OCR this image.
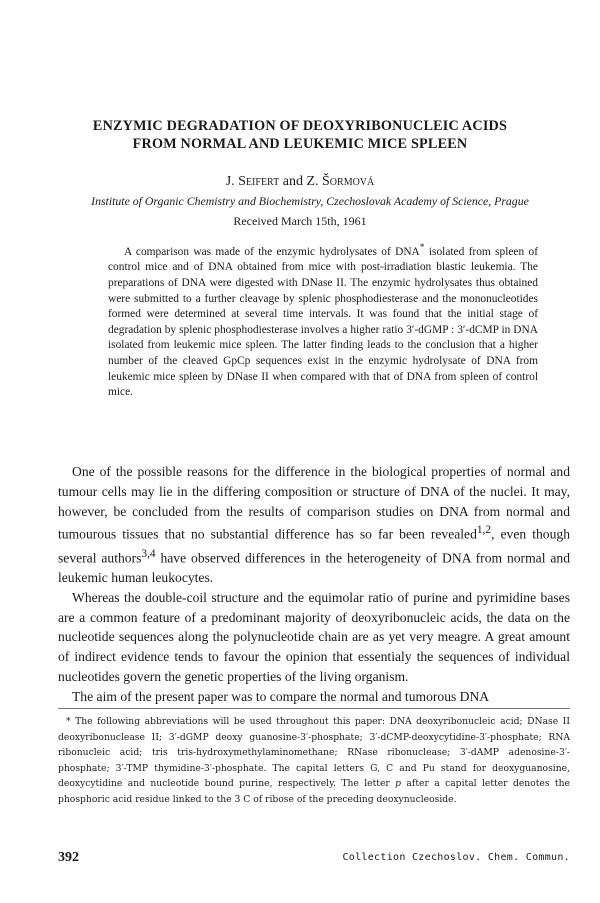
ENZYMIC DEGRADATION OF DEOXYRIBONUCLEIC ACIDS
FROM NORMAL AND LEUKEMIC MICE SPLEEN

J. Seifert and Z. Šormová

Institute of Organic Chemistry and Biochemistry, Czechoslovak Academy of Science, Prague

Received March 15th, 1961

A comparison was made of the enzymic hydrolysates of DNA* isolated from spleen of control mice and of DNA obtained from mice with post-irradiation blastic leukemia. The preparations of DNA were digested with DNase II. The enzymic hydrolysates thus obtained were submitted to a further cleavage by splenic phosphodiesterase and the mononucleotides formed were determined at several time intervals. It was found that the initial stage of degradation by splenic phosphodiesterase involves a higher ratio 3′-dGMP : 3′-dCMP in DNA isolated from leukemic mice spleen. The latter finding leads to the conclusion that a higher number of the cleaved GpCp sequences exist in the enzymic hydrolysate of DNA from leukemic mice spleen by DNase II when compared with that of DNA from spleen of control mice.

One of the possible reasons for the difference in the biological properties of normal and tumour cells may lie in the differing composition or structure of DNA of the nuclei. It may, however, be concluded from the results of comparison studies on DNA from normal and tumourous tissues that no substantial difference has so far been revealed$^{1,2}$, even though several authors$^{3,4}$ have observed differences in the heterogeneity of DNA from normal and leukemic human leukocytes.

Whereas the double-coil structure and the equimolar ratio of purine and pyrimidine bases are a common feature of a predominant majority of deoxyribonucleic acids, the data on the nucleotide sequences along the polynucleotide chain are as yet very meagre. A great amount of indirect evidence tends to favour the opinion that essentialy the sequences of individual nucleotides govern the genetic properties of the living organism.

The aim of the present paper was to compare the normal and tumorous DNA

* The following abbreviations will be used throughout this paper: DNA deoxyribonucleic acid; DNase II deoxyribonuclease II; 3′-dGMP deoxy guanosine-3′-phosphate; 3′-dCMP-deoxycytidine-3′-phosphate; RNA ribonucleic acid; tris tris-hydroxymethylaminomethane; RNase ribonuclease; 3′-dAMP adenosine-3′-phosphate; 3′-TMP thymidine-3′-phosphate. The capital letters G, C and Pu stand for deoxyguanosine, deoxycytidine and nucleotide bound purine, respectively. The letter p after a capital letter denotes the phosphoric acid residue linked to the 3 C of ribose of the preceding deoxynucleoside.

392	Collection Czechoslov. Chem. Commun.
